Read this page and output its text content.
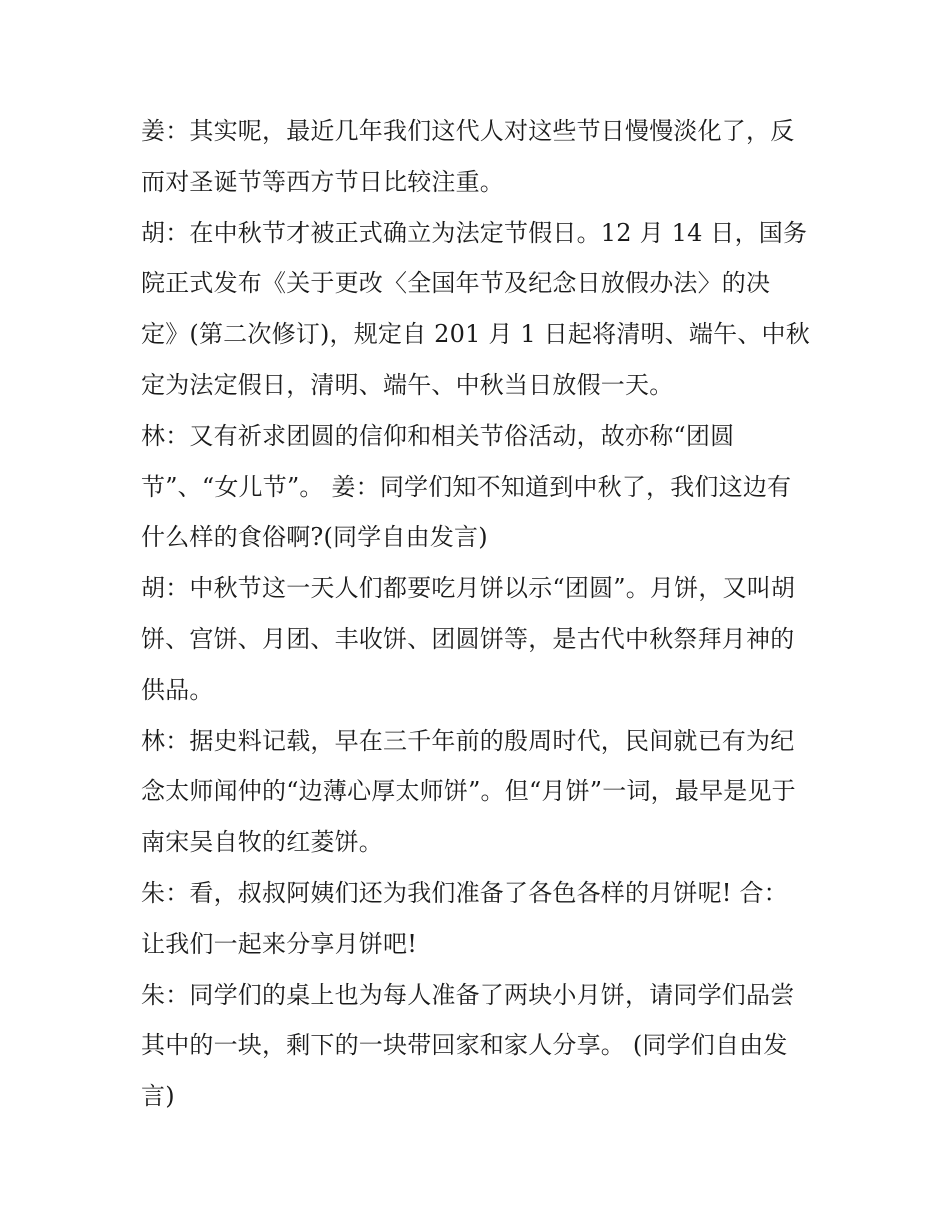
姜：其实呢，最近几年我们这代人对这些节日慢慢淡化了，反
而对圣诞节等西方节日比较注重。

胡：在中秋节才被正式确立为法定节假日。12 月 14 日，国务
院正式发布《关于更改〈全国年节及纪念日放假办法〉的决
定》(第二次修订)，规定自 201 月 1 日起将清明、端午、中秋
定为法定假日，清明、端午、中秋当日放假一天。

林：又有祈求团圆的信仰和相关节俗活动，故亦称“团圆
节”、“女儿节”。 姜：同学们知不知道到中秋了，我们这边有
什么样的食俗啊?(同学自由发言)

胡：中秋节这一天人们都要吃月饼以示“团圆”。月饼，又叫胡
饼、宫饼、月团、丰收饼、团圆饼等，是古代中秋祭拜月神的
供品。

林：据史料记载，早在三千年前的殷周时代，民间就已有为纪
念太师闻仲的“边薄心厚太师饼”。但“月饼”一词，最早是见于
南宋吴自牧的红菱饼。

朱：看，叔叔阿姨们还为我们准备了各色各样的月饼呢! 合：
让我们一起来分享月饼吧!

朱：同学们的桌上也为每人准备了两块小月饼，请同学们品尝
其中的一块，剩下的一块带回家和家人分享。 (同学们自由发
言)
